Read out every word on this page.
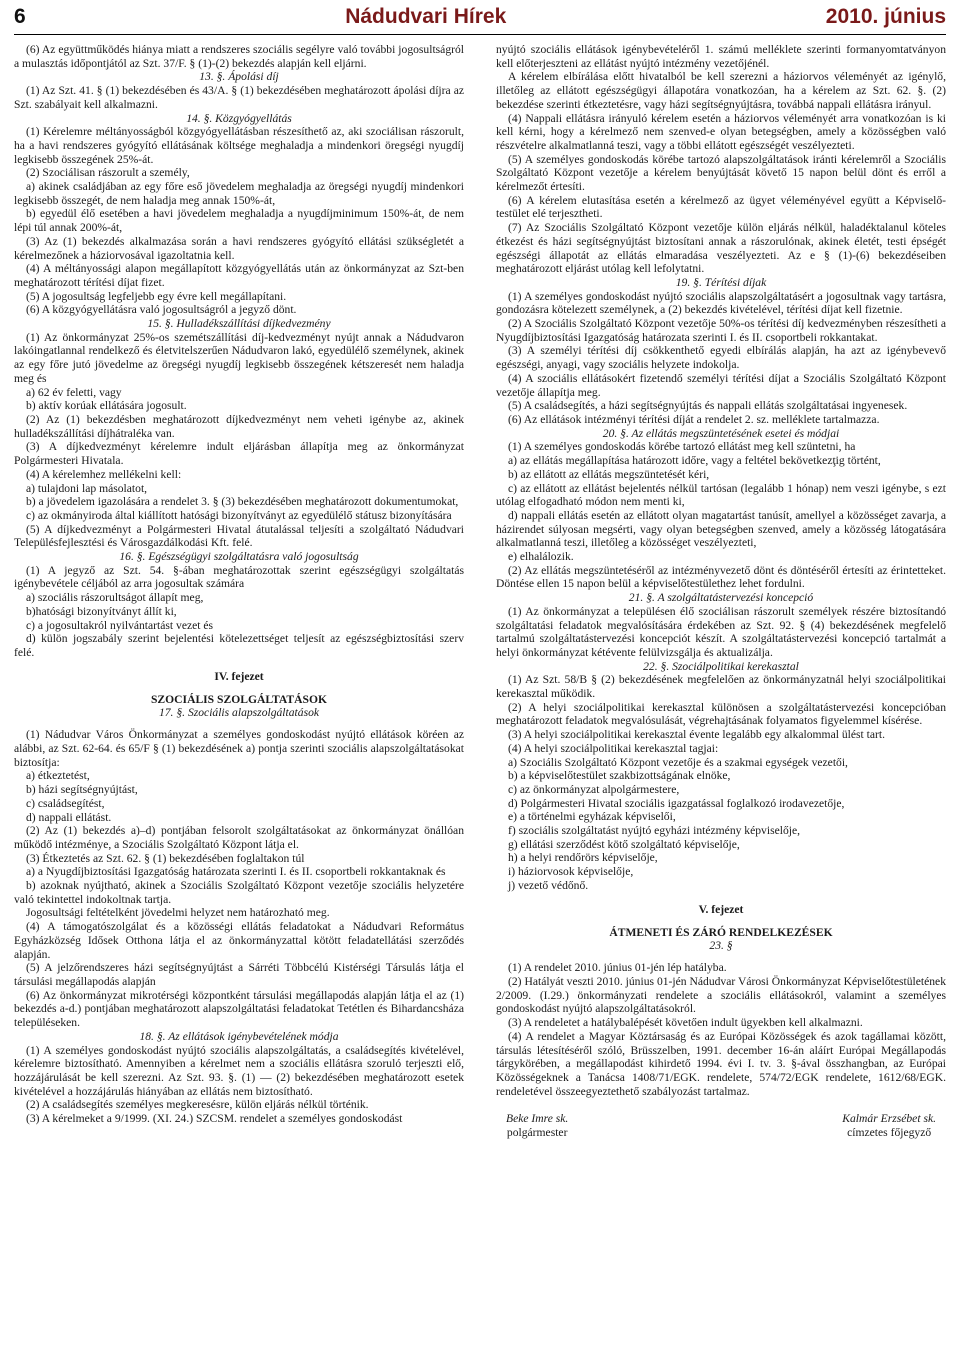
6	Nádudvari Hírek	2010. június

(6) Az együttműködés hiánya miatt a rendszeres szociális segélyre való további jogosultságról a mulasztás időpontjától az Szt. 37/F. § (1)-(2) bekezdés alapján kell eljárni.

13. §. Ápolási díj

(1) Az Szt. 41. § (1) bekezdésében és 43/A. § (1) bekezdésében meghatározott ápolási díjra az Szt. szabályait kell alkalmazni.

14. §. Közgyógyellátás

(1) Kérelemre méltányosságból közgyógyellátásban részesíthető az, aki szociálisan rászorult, ha a havi rendszeres gyógyító ellátásának költsége meghaladja a mindenkori öregségi nyugdíj legkisebb összegének 25%-át.

(2) Szociálisan rászorult a személy,

a) akinek családjában az egy főre eső jövedelem meghaladja az öregségi nyugdíj mindenkori legkisebb összegét, de nem haladja meg annak 150%-át,

b) egyedül élő esetében a havi jövedelem meghaladja a nyugdíjminimum 150%-át, de nem lépi túl annak 200%-át,

(3) Az (1) bekezdés alkalmazása során a havi rendszeres gyógyító ellátási szükségletét a kérelmezőnek a háziorvosával igazoltatnia kell.

(4) A méltányossági alapon megállapított közgyógyellátás után az önkormányzat az Szt-ben meghatározott térítési díjat fizet.

(5) A jogosultság legfeljebb egy évre kell megállapítani.

(6) A közgyógyellátásra való jogosultságról a jegyző dönt.

15. §. Hulladékszállítási díjkedvezmény

(1) Az önkormányzat 25%-os szemétszállítási díj-kedvezményt nyújt annak a Nádudvaron lakóingatlannal rendelkező és életvitelszerűen Nádudvaron lakó, egyedülélő személynek, akinek az egy főre jutó jövedelme az öregségi nyugdíj legkisebb összegének kétszeresét nem haladja meg és

a) 62 év feletti, vagy

b) aktív korúak ellátására jogosult.

(2) Az (1) bekezdésben meghatározott díjkedvezményt nem veheti igénybe az, akinek hulladékszállítási díjhátraléka van.

(3) A díjkedvezményt kérelemre indult eljárásban állapítja meg az önkormányzat Polgármesteri Hivatala.

(4) A kérelemhez mellékelni kell:

a) tulajdoni lap másolatot,

b) a jövedelem igazolására a rendelet 3. § (3) bekezdésében meghatározott dokumentumokat,

c) az okmányiroda által kiállított hatósági bizonyítványt az egyedülélő státusz bizonyítására

(5) A díjkedvezményt a Polgármesteri Hivatal átutalással teljesíti a szolgáltató Nádudvari Településfejlesztési és Városgazdálkodási Kft. felé.

16. §. Egészségügyi szolgáltatásra való jogosultság

(1) A jegyző az Szt. 54. §-ában meghatározottak szerint egészségügyi szolgáltatás igénybevétele céljából az arra jogosultak számára

a) szociális rászorultságot állapít meg,

b)hatósági bizonyítványt állít ki,

c) a jogosultakról nyilvántartást vezet és

d) külön jogszabály szerint bejelentési kötelezettséget teljesít az egészségbiztosítási szerv felé.

IV. fejezet
SZOCIÁLIS SZOLGÁLTATÁSOK
17. §. Szociális alapszolgáltatások

(1) Nádudvar Város Önkormányzat a személyes gondoskodást nyújtó ellátások köréen az alábbi, az Szt. 62-64. és 65/F § (1) bekezdésének a) pontja szerinti szociális alapszolgáltatásokat biztosítja:

a) étkeztetést,

b) házi segítségnyújtást,

c) családsegítést,

d) nappali ellátást.

(2) Az (1) bekezdés a)–d) pontjában felsorolt szolgáltatásokat az önkormányzat önállóan működő intézménye, a Szociális Szolgáltató Központ látja el.

(3) Étkeztetés az Szt. 62. § (1) bekezdésében foglaltakon túl

a) a Nyugdíjbiztosítási Igazgatóság határozata szerinti I. és II. csoportbeli rokkantaknak és

b) azoknak nyújtható, akinek a Szociális Szolgáltató Központ vezetője szociális helyzetére való tekintettel indokoltnak tartja.

Jogosultsági feltételként jövedelmi helyzet nem határozható meg.

(4) A támogatószolgálat és a közösségi ellátás feladatokat a Nádudvari Református Egyházközség Idősek Otthona látja el az önkormányzattal kötött feladatellátási szerződés alapján.

(5) A jelzőrendszeres házi segítségnyújtást a Sárréti Többcélú Kistérségi Társulás látja el társulási megállapodás alapján

(6) Az önkormányzat mikrotérségi központként társulási megállapodás alapján látja el az (1) bekezdés a-d.) pontjában meghatározott alapszolgáltatási feladatokat Tetétlen és Bihardancsháza településeken.

18. §. Az ellátások igénybevételének módja

(1) A személyes gondoskodást nyújtó szociális alapszolgáltatás, a családsegítés kivételével, kérelemre biztosítható. Amennyiben a kérelmet nem a szociális ellátásra szoruló terjeszti elő, hozzájárulását be kell szerezni. Az Szt. 93. §. (1) — (2) bekezdésében meghatározott esetek kivételével a hozzájárulás hiányában az ellátás nem biztosítható.

(2) A családsegítés személyes megkeresésre, külön eljárás nélkül történik.

(3) A kérelmeket a 9/1999. (XI. 24.) SZCSM. rendelet a személyes gondoskodást

nyújtó szociális ellátások igénybevételéről 1. számú melléklete szerinti formanyomtatványon kell előterjeszteni az ellátást nyújtó intézmény vezetőjénél.

A kérelem elbírálása előtt hivatalból be kell szerezni a háziorvos véleményét az igénylő, illetőleg az ellátott egészségügyi állapotára vonatkozóan, ha a kérelem az Szt. 62. §. (2) bekezdése szerinti étkeztetésre, vagy házi segítségnyújtásra, továbbá nappali ellátásra irányul.

(4) Nappali ellátásra irányuló kérelem esetén a háziorvos véleményét arra vonatkozóan is ki kell kérni, hogy a kérelmező nem szenved-e olyan betegségben, amely a közösségben való részvételre alkalmatlanná teszi, vagy a többi ellátott egészségét veszélyezteti.

(5) A személyes gondoskodás körébe tartozó alapszolgáltatások iránti kérelemről a Szociális Szolgáltató Központ vezetője a kérelem benyújtását követő 15 napon belül dönt és erről a kérelmezőt értesíti.

(6) A kérelem elutasítása esetén a kérelmező az ügyet véleményével együtt a Képviselő-testület elé terjesztheti.

(7) Az Szociális Szolgáltató Központ vezetője külön eljárás nélkül, haladéktalanul köteles étkezést és házi segítségnyújtást biztosítani annak a rászorulónak, akinek életét, testi épségét egészségi állapotát az ellátás elmaradása veszélyezteti. Az e § (1)-(6) bekezdéseiben meghatározott eljárást utólag kell lefolytatni.

19. §. Térítési díjak

(1) A személyes gondoskodást nyújtó szociális alapszolgáltatásért a jogosultnak vagy tartásra, gondozásra kötelezett személynek, a (2) bekezdés kivételével, térítési díjat kell fizetnie.

(2) A Szociális Szolgáltató Központ vezetője 50%-os térítési díj kedvezményben részesítheti a Nyugdíjbiztosítási Igazgatóság határozata szerinti I. és II. csoportbeli rokkantakat.

(3) A személyi térítési díj csökkenthető egyedi elbírálás alapján, ha azt az igénybevevő egészségi, anyagi, vagy szociális helyzete indokolja.

(4) A szociális ellátásokért fizetendő személyi térítési díjat a Szociális Szolgáltató Központ vezetője állapítja meg.

(5) A családsegítés, a házi segítségnyújtás és nappali ellátás szolgáltatásai ingyenesek.

(6) Az ellátások intézményi térítési díját a rendelet 2. sz. melléklete tartalmazza.

20. §. Az ellátás megszüntetésének esetei és módjai

(1) A személyes gondoskodás körébe tartozó ellátást meg kell szüntetni, ha

a) az ellátás megállapítása határozott időre, vagy a feltétel bekövetkezţig történt,

b) az ellátott az ellátás megszüntetését kéri,

c) az ellátott az ellátást bejelentés nélkül tartósan (legalább 1 hónap) nem veszi igénybe, s ezt utólag elfogadható módon nem menti ki,

d) nappali ellátás esetén az ellátott olyan magatartást tanúsít, amellyel a közösséget zavarja, a házirendet súlyosan megsérti, vagy olyan betegségben szenved, amely a közösség látogatására alkalmatlanná teszi, illetőleg a közösséget veszélyezteti,

e) elhalálozik.

(2) Az ellátás megszüntetéséről az intézményvezető dönt és döntéséről értesíti az érintetteket. Döntése ellen 15 napon belül a képviselőtestülethez lehet fordulni.

21. §. A szolgáltatástervezési koncepció

(1) Az önkormányzat a településen élő szociálisan rászorult személyek részére biztosítandó szolgáltatási feladatok megvalósítására érdekében az Szt. 92. § (4) bekezdésének megfelelő tartalmú szolgáltatástervezési koncepciót készít. A szolgáltatástervezési koncepció tartalmát a helyi önkormányzat kétévente felülvizsgálja és aktualizálja.

22. §. Szociálpolitikai kerekasztal

(1) Az Szt. 58/B § (2) bekezdésének megfelelően az önkormányzatnál helyi szociálpolitikai kerekasztal működik.

(2) A helyi szociálpolitikai kerekasztal különösen a szolgáltatástervezési koncepcióban meghatározott feladatok megvalósulását, végrehajtásának folyamatos figyelemmel kísérése.

(3) A helyi szociálpolitikai kerekasztal évente legalább egy alkalommal ülést tart.

(4) A helyi szociálpolitikai kerekasztal tagjai:

a) Szociális Szolgáltató Központ vezetője és a szakmai egységek vezetői,

b) a képviselőtestület szakbizottságának elnöke,

c) az önkormányzat alpolgármestere,

d) Polgármesteri Hivatal szociális igazgatással foglalkozó irodavezetője,

e) a történelmi egyházak képviselői,

f) szociális szolgáltatást nyújtó egyházi intézmény képviselője,

g) ellátási szerződést kötő szolgáltató képviselője,

h) a helyi rendőrörs képviselője,

i) háziorvosok képviselője,

j) vezető védőnő.

V. fejezet
ÁTMENETI ÉS ZÁRÓ RENDELKEZÉSEK
23. §

(1) A rendelet 2010. június 01-jén lép hatályba.

(2) Hatályát veszti 2010. június 01-jén Nádudvar Városi Önkormányzat Képviselőtestületének 2/2009. (I.29.) önkormányzati rendelete a szociális ellátásokról, valamint a személyes gondoskodást nyújtó alapszolgáltatásokról.

(3) A rendeletet a hatálybalépését követően indult ügyekben kell alkalmazni.

(4) A rendelet a Magyar Köztársaság és az Európai Közösségek és azok tagállamai között, társulás létesítéséről szóló, Brüsszelben, 1991. december 16-án aláírt Európai Megállapodás tárgykörében, a megállapodást kihirdető 1994. évi I. tv. 3. §-ával összhangban, az Európai Közösségeknek a Tanácsa 1408/71/EGK. rendelete, 574/72/EGK rendelete, 1612/68/EGK. rendeletével összeegyeztethető szabályozást tartalmaz.

Beke Imre sk.
polgármester
Kalmár Erzsébet sk.
címzetes főjegyző
